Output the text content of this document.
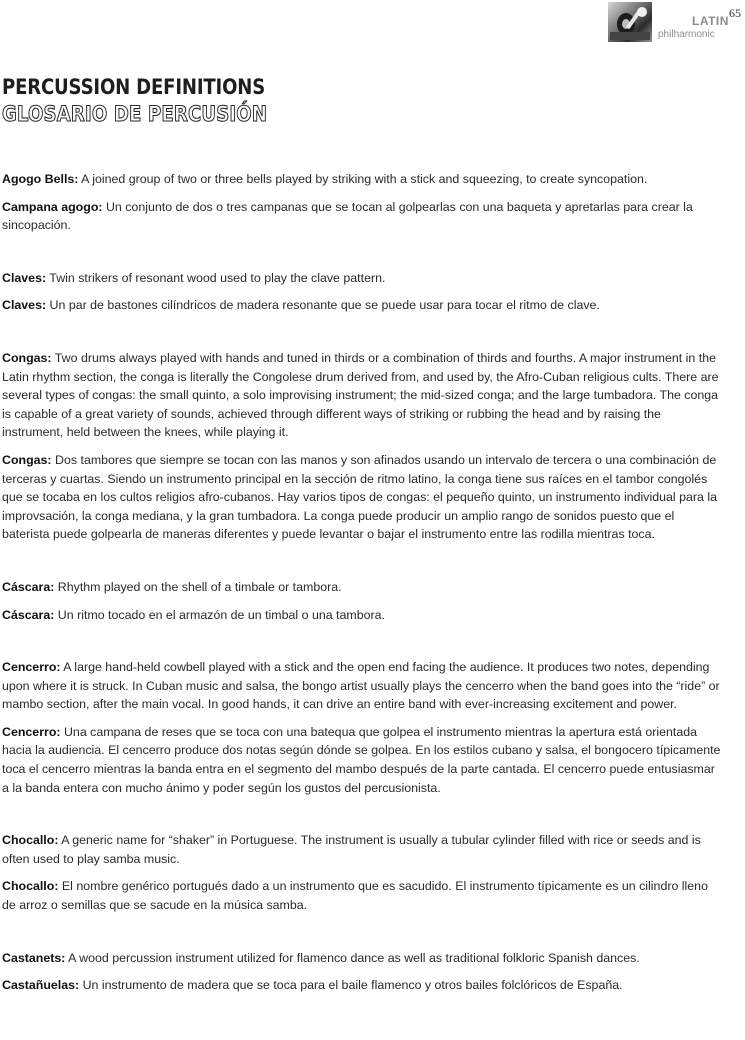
65
LATIN
philharmonic
PERCUSSION DEFINITIONS
GLOSARIO DE PERCUSIÓN

Agogo Bells: A joined group of two or three bells played by striking with a stick and squeezing, to create syncopation.

Campana agogo: Un conjunto de dos o tres campanas que se tocan al golpearlas con una baqueta y apretarlas para crear la sincopación.

Claves: Twin strikers of resonant wood used to play the clave pattern.

Claves: Un par de bastones cilíndricos de madera resonante que se puede usar para tocar el ritmo de clave.

Congas: Two drums always played with hands and tuned in thirds or a combination of thirds and fourths. A major instrument in the Latin rhythm section, the conga is literally the Congolese drum derived from, and used by, the Afro-Cuban religious cults. There are several types of congas: the small quinto, a solo improvising instrument; the mid-sized conga; and the large tumbadora. The conga is capable of a great variety of sounds, achieved through different ways of striking or rubbing the head and by raising the instrument, held between the knees, while playing it.

Congas: Dos tambores que siempre se tocan con las manos y son afinados usando un intervalo de tercera o una combinación de terceras y cuartas. Siendo un instrumento principal en la sección de ritmo latino, la conga tiene sus raíces en el tambor congolés que se tocaba en los cultos religios afro-cubanos. Hay varios tipos de congas: el pequeño quinto, un instrumento individual para la improvsación, la conga mediana, y la gran tumbadora. La conga puede producir un amplio rango de sonidos puesto que el baterista puede golpearla de maneras diferentes y puede levantar o bajar el instrumento entre las rodilla mientras toca.

Cáscara: Rhythm played on the shell of a timbale or tambora.

Cáscara: Un ritmo tocado en el armazón de un timbal o una tambora.

Cencerro: A large hand-held cowbell played with a stick and the open end facing the audience. It produces two notes, depending upon where it is struck. In Cuban music and salsa, the bongo artist usually plays the cencerro when the band goes into the “ride” or mambo section, after the main vocal. In good hands, it can drive an entire band with ever-increasing excitement and power.

Cencerro: Una campana de reses que se toca con una batequa que golpea el instrumento mientras la apertura está orientada hacia la audiencia. El cencerro produce dos notas según dónde se golpea. En los estilos cubano y salsa, el bongocero típicamente toca el cencerro mientras la banda entra en el segmento del mambo después de la parte cantada. El cencerro puede entusiasmar a la banda entera con mucho ánimo y poder según los gustos del percusionista.

Chocallo: A generic name for “shaker” in Portuguese. The instrument is usually a tubular cylinder filled with rice or seeds and is often used to play samba music.

Chocallo: El nombre genérico portugués dado a un instrumento que es sacudido. El instrumento típicamente es un cilindro lleno de arroz o semillas que se sacude en la música samba.

Castanets: A wood percussion instrument utilized for flamenco dance as well as traditional folkloric Spanish dances.

Castañuelas: Un instrumento de madera que se toca para el baile flamenco y otros bailes folclóricos de España.
